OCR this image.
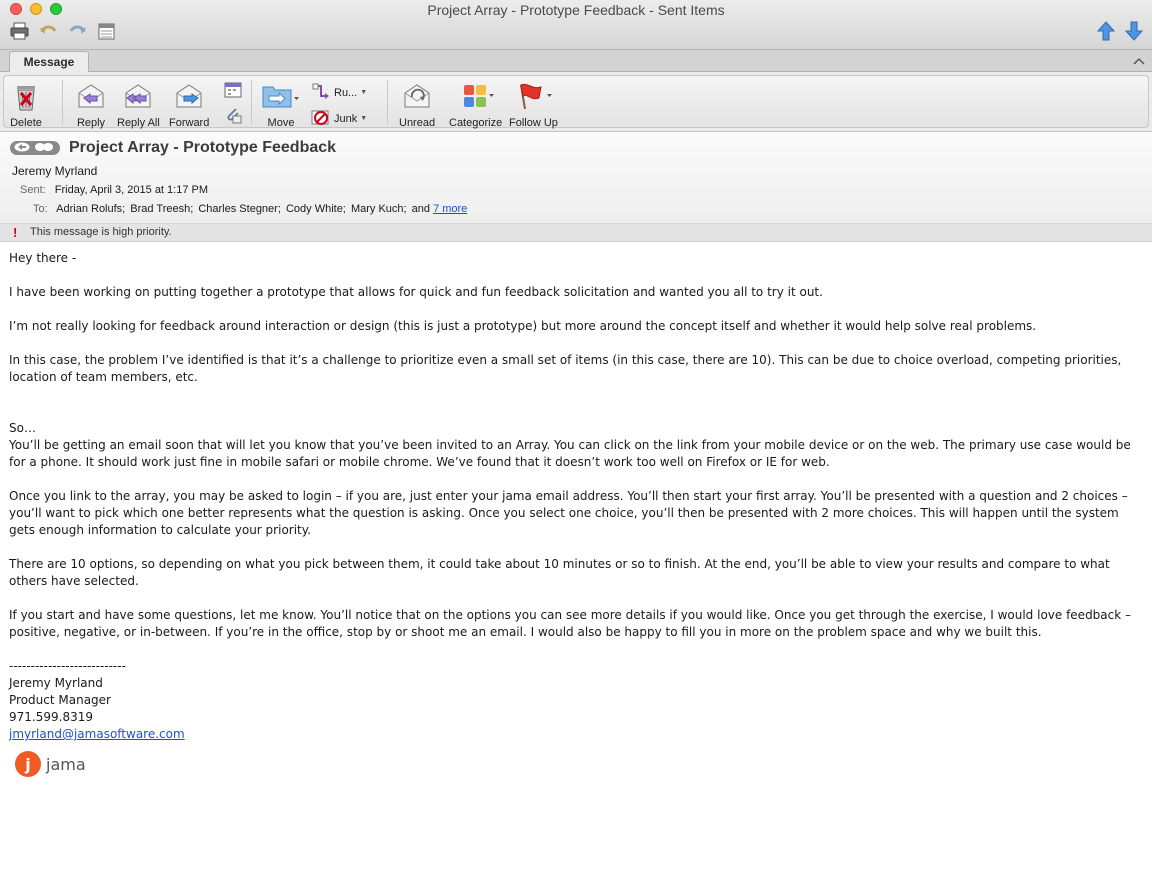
Project Array - Prototype Feedback - Sent Items
Message
Delete	Reply Reply All Forward	Move
Ru... ▼
Junk ▼	Unread Categorize Follow Up
Project Array - Prototype Feedback
Jeremy Myrland
Sent: Friday, April 3, 2015 at 1:17 PM
To: Adrian Rolufs; Brad Treesh; Charles Stegner; Cody White; Mary Kuch; and 7 more
! This message is high priority.

Hey there -

I have been working on putting together a prototype that allows for quick and fun feedback solicitation and wanted you all to try it out.

I’m not really looking for feedback around interaction or design (this is just a prototype) but more around the concept itself and whether it would help solve real problems.

In this case, the problem I’ve identified is that it’s a challenge to prioritize even a small set of items (in this case, there are 10). This can be due to choice overload, competing priorities, location of team members, etc.

So…

You’ll be getting an email soon that will let you know that you’ve been invited to an Array. You can click on the link from your mobile device or on the web. The primary use case would be for a phone. It should work just fine in mobile safari or mobile chrome. We’ve found that it doesn’t work too well on Firefox or IE for web.

Once you link to the array, you may be asked to login – if you are, just enter your jama email address. You’ll then start your first array. You’ll be presented with a question and 2 choices – you’ll want to pick which one better represents what the question is asking. Once you select one choice, you’ll then be presented with 2 more choices. This will happen until the system gets enough information to calculate your priority.

There are 10 options, so depending on what you pick between them, it could take about 10 minutes or so to finish. At the end, you’ll be able to view your results and compare to what others have selected.

If you start and have some questions, let me know. You’ll notice that on the options you can see more details if you would like. Once you get through the exercise, I would love feedback – positive, negative, or in-between. If you’re in the office, stop by or shoot me an email. I would also be happy to fill you in more on the problem space and why we built this.

---------------------------

Jeremy Myrland

Product Manager

971.599.8319

jmyrland@jamasoftware.com

j jama
